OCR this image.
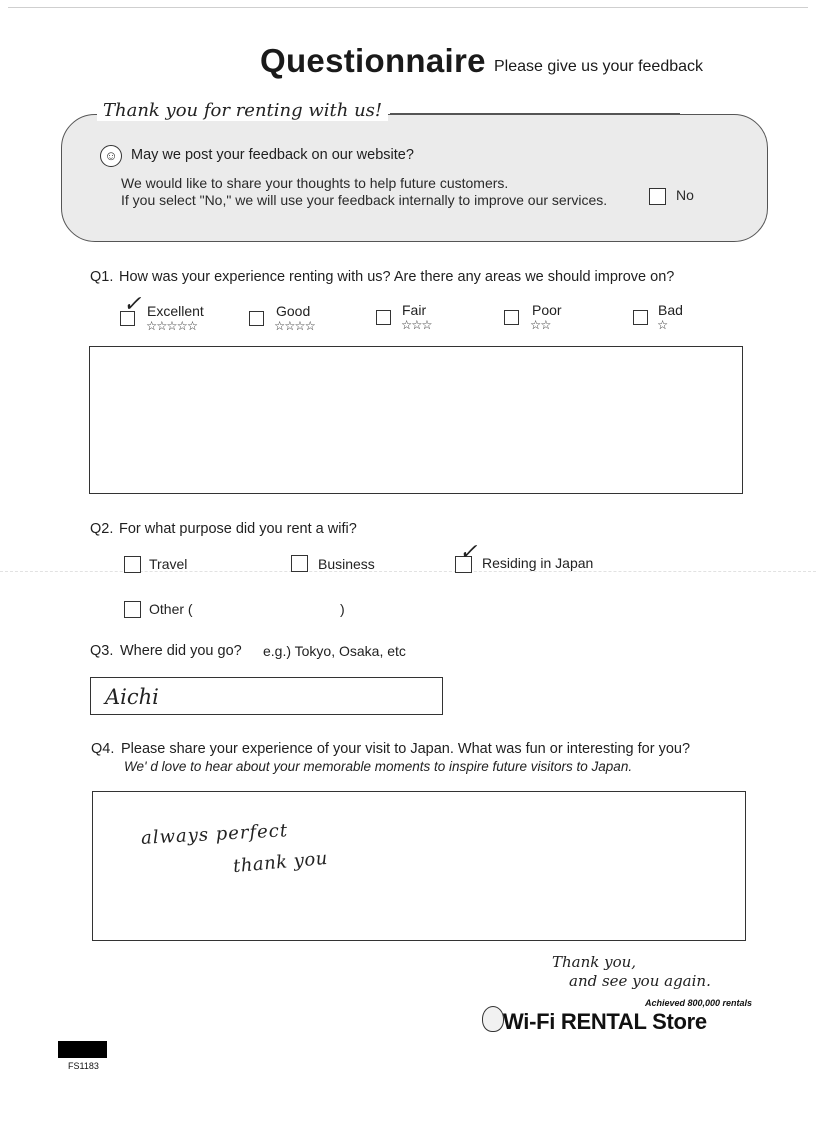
Questionnaire Please give us your feedback
Thank you for renting with us!
☺ May we post your feedback on our website?
We would like to share your thoughts to help future customers.
If you select "No," we will use your feedback internally to improve our services.	No
Q1. How was your experience renting with us? Are there any areas we should improve on?
✓ Excellent
☆☆☆☆☆
Good
☆☆☆☆
Fair
☆☆☆
Poor
☆☆
Bad
☆
Q2. For what purpose did you rent a wifi?
Travel	Business	✓ Residing in Japan
Other (	)
Q3. Where did you go? e.g.) Tokyo, Osaka, etc
Aichi
Q4. Please share your experience of your visit to Japan. What was fun or interesting for you?
We' d love to hear about your memorable moments to inspire future visitors to Japan.
always perfect
thank you
Thank you,
and see you again.
Achieved 800,000 rentals
Wi-Fi RENTAL Store
FS1183
